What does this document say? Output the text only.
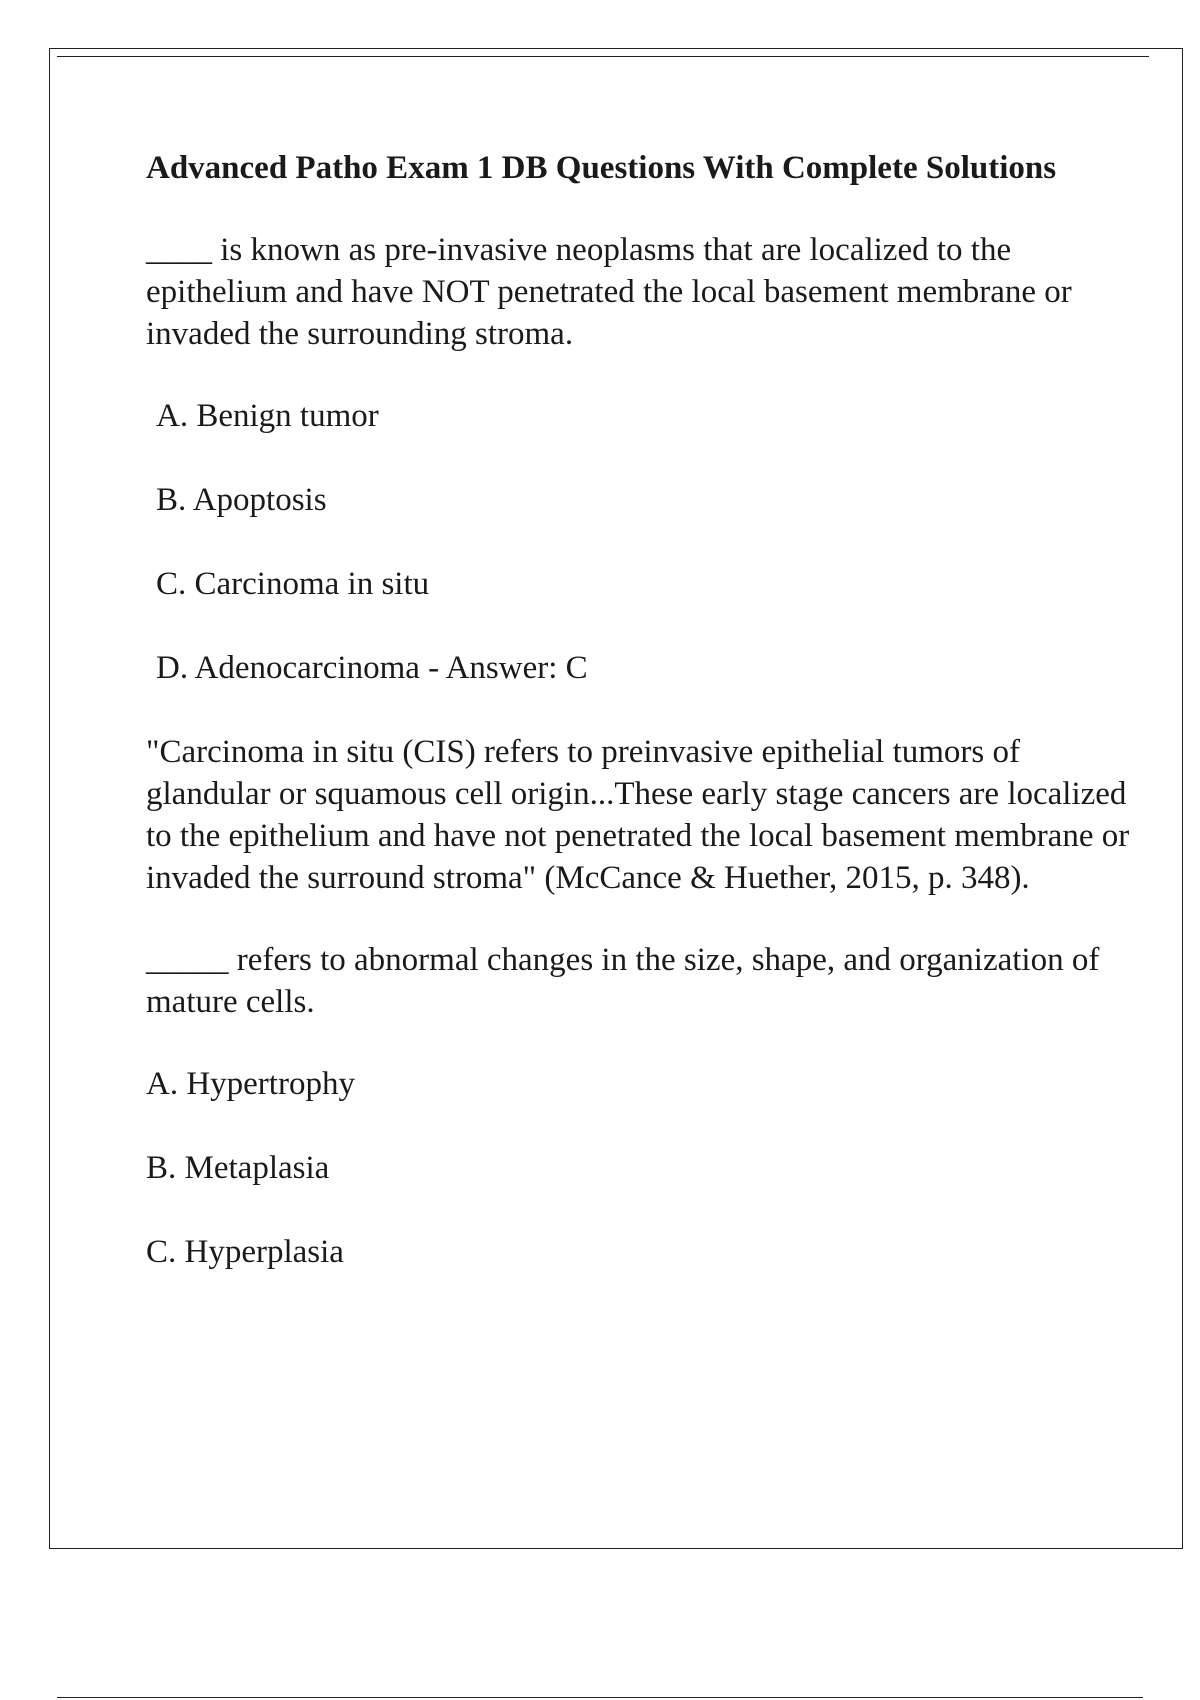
Advanced Patho Exam 1 DB Questions With Complete Solutions

____ is known as pre-invasive neoplasms that are localized to the epithelium and have NOT penetrated the local basement membrane or invaded the surrounding stroma.

A. Benign tumor
B. Apoptosis
C. Carcinoma in situ
D. Adenocarcinoma - Answer: C

"Carcinoma in situ (CIS) refers to preinvasive epithelial tumors of glandular or squamous cell origin...These early stage cancers are localized to the epithelium and have not penetrated the local basement membrane or invaded the surround stroma" (McCance & Huether, 2015, p. 348).

_____ refers to abnormal changes in the size, shape, and organization of mature cells.

A. Hypertrophy
B. Metaplasia
C. Hyperplasia
